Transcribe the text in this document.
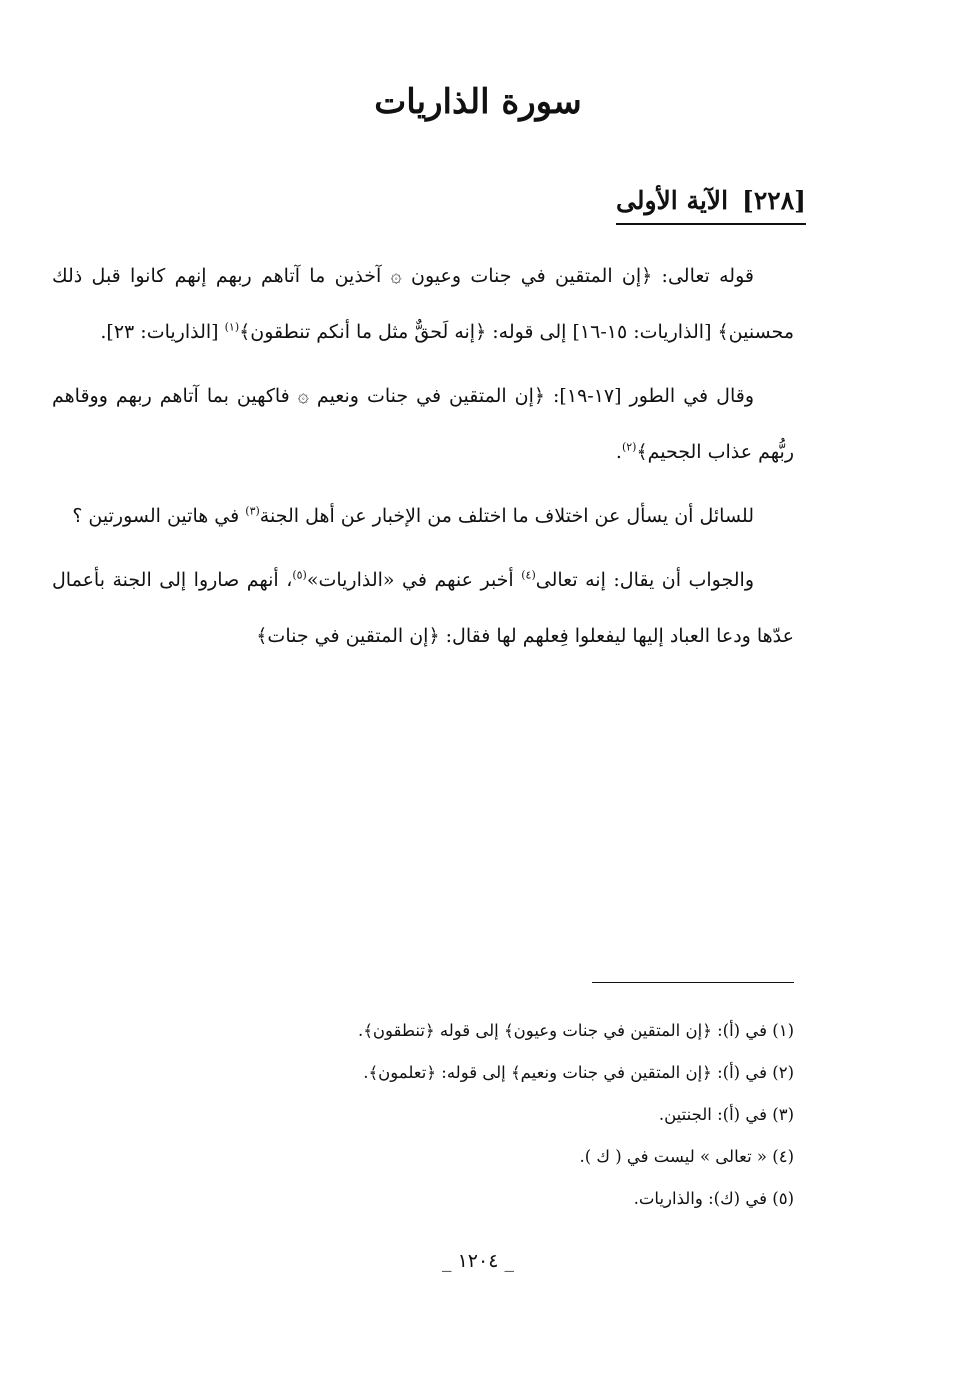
سورة الذاريات
[٢٢٨]الآية الأولى

قوله تعالى: ﴿إن المتقين في جنات وعيون ۞ آخذين ما آتاهم ربهم إنهم كانوا قبل ذلك محسنين﴾ [الذاريات: ١٥-١٦] إلى قوله: ﴿إنه لَحقٌّ مثل ما أنكم تنطقون﴾$^{(١)}$ [الذاريات: ٢٣].

وقال في الطور [١٧-١٩]: ﴿إن المتقين في جنات ونعيم ۞ فاكهين بما آتاهم ربهم ووقاهم ربُّهم عذاب الجحيم﴾$^{(٢)}$.

للسائل أن يسأل عن اختلاف ما اختلف من الإخبار عن أهل الجنة$^{(٣)}$ في هاتين السورتين ؟

والجواب أن يقال: إنه تعالى$^{(٤)}$ أخبر عنهم في «الذاريات»$^{(٥)}$، أنهم صاروا إلى الجنة بأعمال عدّها ودعا العباد إليها ليفعلوا فِعلهم لها فقال: ﴿إن المتقين في جنات﴾

(١) في (أ): ﴿إن المتقين في جنات وعيون﴾ إلى قوله ﴿تنطقون﴾.
(٢) في (أ): ﴿إن المتقين في جنات ونعيم﴾ إلى قوله: ﴿تعلمون﴾.
(٣) في (أ): الجنتين.
(٤) « تعالى » ليست في ( ك ).
(٥) في (ك): والذاريات.
_ ١٢٠٤ _
